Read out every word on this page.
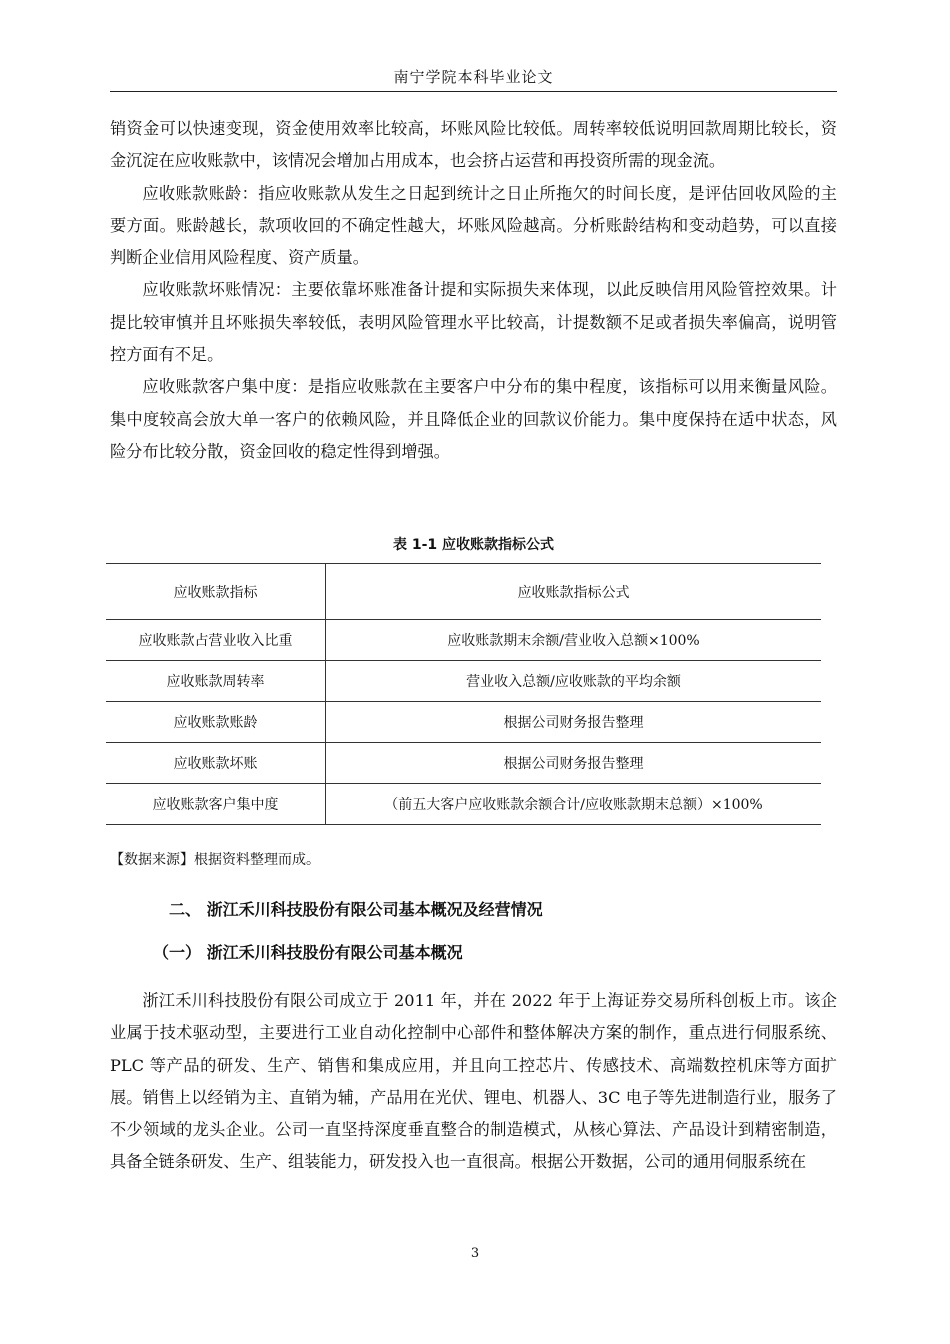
南宁学院本科毕业论文

销资金可以快速变现，资金使用效率比较高，坏账风险比较低。周转率较低说明回款周期比较长，资金沉淀在应收账款中，该情况会增加占用成本，也会挤占运营和再投资所需的现金流。

应收账款账龄：指应收账款从发生之日起到统计之日止所拖欠的时间长度，是评估回收风险的主要方面。账龄越长，款项收回的不确定性越大，坏账风险越高。分析账龄结构和变动趋势，可以直接判断企业信用风险程度、资产质量。

应收账款坏账情况：主要依靠坏账准备计提和实际损失来体现，以此反映信用风险管控效果。计提比较审慎并且坏账损失率较低，表明风险管理水平比较高，计提数额不足或者损失率偏高，说明管控方面有不足。

应收账款客户集中度：是指应收账款在主要客户中分布的集中程度，该指标可以用来衡量风险。集中度较高会放大单一客户的依赖风险，并且降低企业的回款议价能力。集中度保持在适中状态，风险分布比较分散，资金回收的稳定性得到增强。

表 1-1 应收账款指标公式
应收账款指标	应收账款指标公式
应收账款占营业收入比重	应收账款期末余额/营业收入总额×100%
应收账款周转率	营业收入总额/应收账款的平均余额
应收账款账龄	根据公司财务报告整理
应收账款坏账	根据公司财务报告整理
应收账款客户集中度	（前五大客户应收账款余额合计/应收账款期末总额）×100%
【数据来源】根据资料整理而成。
二、 浙江禾川科技股份有限公司基本概况及经营情况
（一） 浙江禾川科技股份有限公司基本概况

浙江禾川科技股份有限公司成立于 2011 年，并在 2022 年于上海证券交易所科创板上市。该企业属于技术驱动型，主要进行工业自动化控制中心部件和整体解决方案的制作，重点进行伺服系统、PLC 等产品的研发、生产、销售和集成应用，并且向工控芯片、传感技术、高端数控机床等方面扩展。销售上以经销为主、直销为辅，产品用在光伏、锂电、机器人、3C 电子等先进制造行业，服务了不少领域的龙头企业。公司一直坚持深度垂直整合的制造模式，从核心算法、产品设计到精密制造，具备全链条研发、生产、组装能力，研发投入也一直很高。根据公开数据，公司的通用伺服系统在

3
